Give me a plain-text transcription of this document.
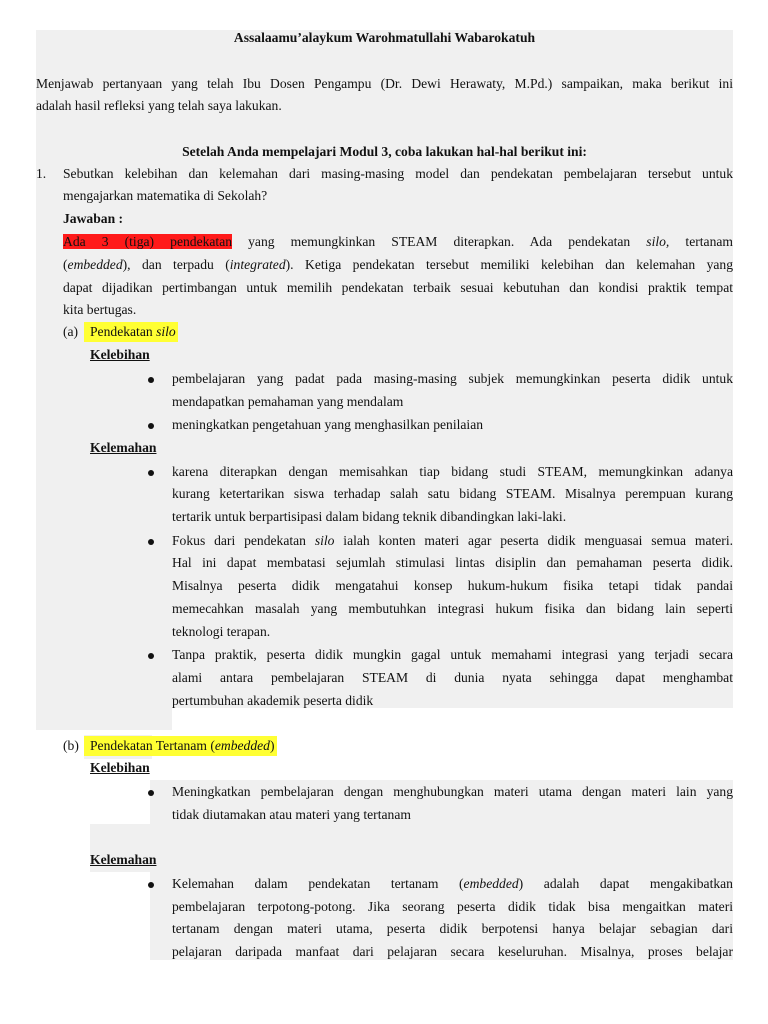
Assalaamu’alaykum Warohmatullahi Wabarokatuh
Menjawab pertanyaan yang telah Ibu Dosen Pengampu (Dr. Dewi Herawaty, M.Pd.) sampaikan, maka berikut ini
adalah hasil refleksi yang telah saya lakukan.
Setelah Anda mempelajari Modul 3, coba lakukan hal-hal berikut ini:
1. Sebutkan kelebihan dan kelemahan dari masing-masing model dan pendekatan pembelajaran tersebut untuk
mengajarkan matematika di Sekolah?
Jawaban :
Ada 3 (tiga) pendekatan yang memungkinkan STEAM diterapkan. Ada pendekatan silo, tertanam
(embedded), dan terpadu (integrated). Ketiga pendekatan tersebut memiliki kelebihan dan kelemahan yang
dapat dijadikan pertimbangan untuk memilih pendekatan terbaik sesuai kebutuhan dan kondisi praktik tempat
kita bertugas.
(a) Pendekatan silo
Kelebihan
pembelajaran yang padat pada masing-masing subjek memungkinkan peserta didik untuk
mendapatkan pemahaman yang mendalam
meningkatkan pengetahuan yang menghasilkan penilaian
Kelemahan
karena diterapkan dengan memisahkan tiap bidang studi STEAM, memungkinkan adanya
kurang ketertarikan siswa terhadap salah satu bidang STEAM. Misalnya perempuan kurang
tertarik untuk berpartisipasi dalam bidang teknik dibandingkan laki-laki.
Fokus dari pendekatan silo ialah konten materi agar peserta didik menguasai semua materi.
Hal ini dapat membatasi sejumlah stimulasi lintas disiplin dan pemahaman peserta didik.
Misalnya peserta didik mengatahui konsep hukum-hukum fisika tetapi tidak pandai
memecahkan masalah yang membutuhkan integrasi hukum fisika dan bidang lain seperti
teknologi terapan.
Tanpa praktik, peserta didik mungkin gagal untuk memahami integrasi yang terjadi secara
alami antara pembelajaran STEAM di dunia nyata sehingga dapat menghambat
pertumbuhan akademik peserta didik
(b) Pendekatan Tertanam (embedded)
Kelebihan
Meningkatkan pembelajaran dengan menghubungkan materi utama dengan materi lain yang
tidak diutamakan atau materi yang tertanam
Kelemahan
Kelemahan dalam pendekatan tertanam (embedded) adalah dapat mengakibatkan
pembelajaran terpotong-potong. Jika seorang peserta didik tidak bisa mengaitkan materi
tertanam dengan materi utama, peserta didik berpotensi hanya belajar sebagian dari
pelajaran daripada manfaat dari pelajaran secara keseluruhan. Misalnya, proses belajar
